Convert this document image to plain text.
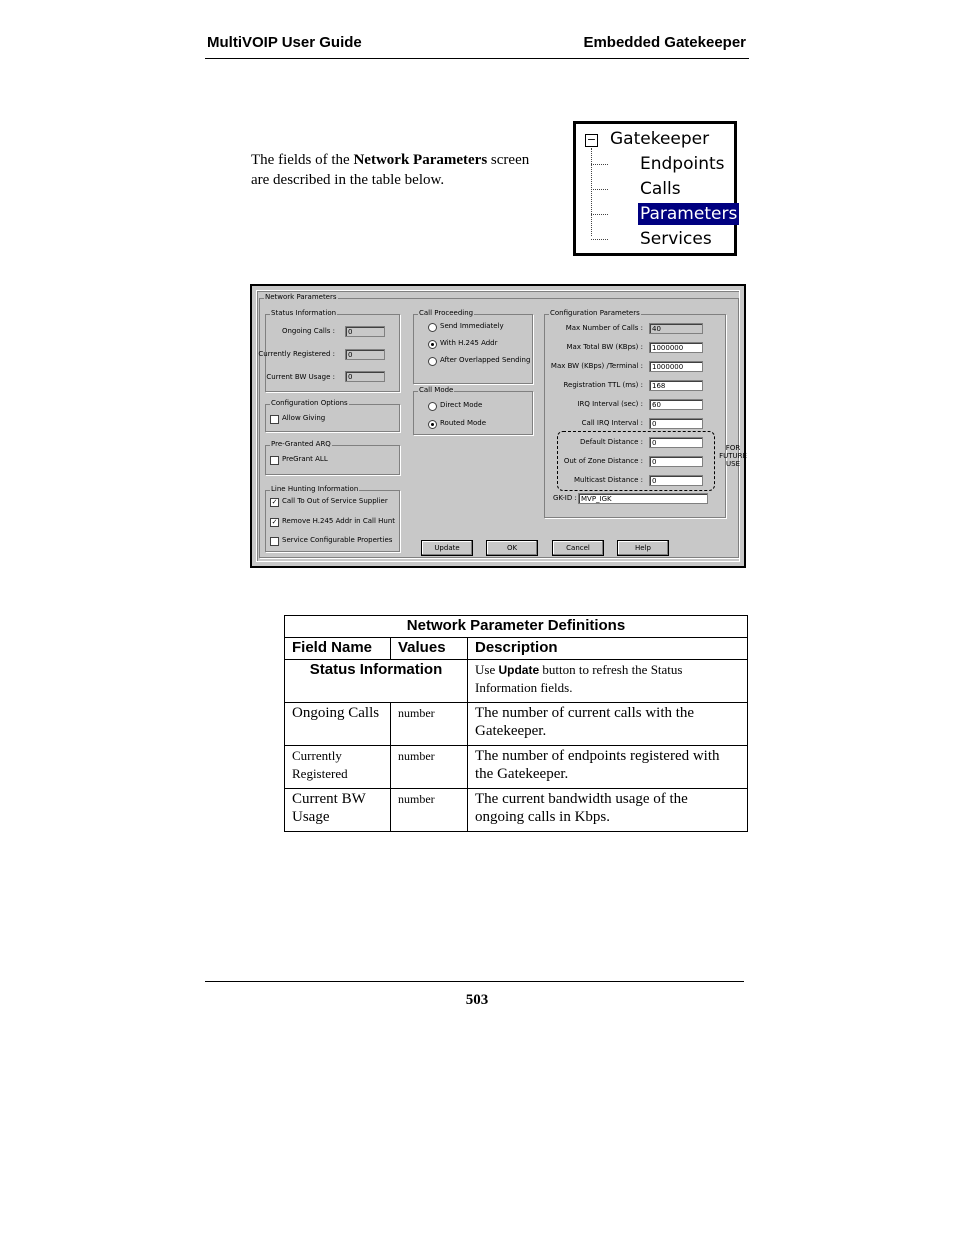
MultiVOIP User Guide	Embedded Gatekeeper
The fields of the Network Parameters screen are described in the table below.
− Gatekeeper
Endpoints
Calls
Parameters
Services
Network Parameters
Status Information
Ongoing Calls :	0
Currently Registered :	0
Current BW Usage :	0
Configuration Options
Allow Giving
Pre-Granted ARQ
PreGrant ALL
Line Hunting Information
✓ Call To Out of Service Supplier
✓ Remove H.245 Addr in Call Hunt
Service Configurable Properties
Call Proceeding
Send Immediately
With H.245 Addr
After Overlapped Sending
Call Mode
Direct Mode
Routed Mode
Configuration Parameters
Max Number of Calls :	40
Max Total BW (KBps) :	1000000
Max BW (KBps) /Terminal :	1000000
Registration TTL (ms) :	168
IRQ Interval (sec) :	60
Call IRQ Interval :	0
Default Distance :	0
Out of Zone Distance :	0
Multicast Distance :	0
GK-ID : MVP_IGK
FOR FUTURE USE
Update	OK	Cancel	Help
Network Parameter Definitions		
Field Name	Values	Description
Status Information		Use Update button to refresh the Status Information fields.
Ongoing Calls	number	The number of current calls with the Gatekeeper.
Currently Registered	number	The number of endpoints registered with the Gatekeeper.
Current BW Usage	number	The current bandwidth usage of the ongoing calls in Kbps.
503
